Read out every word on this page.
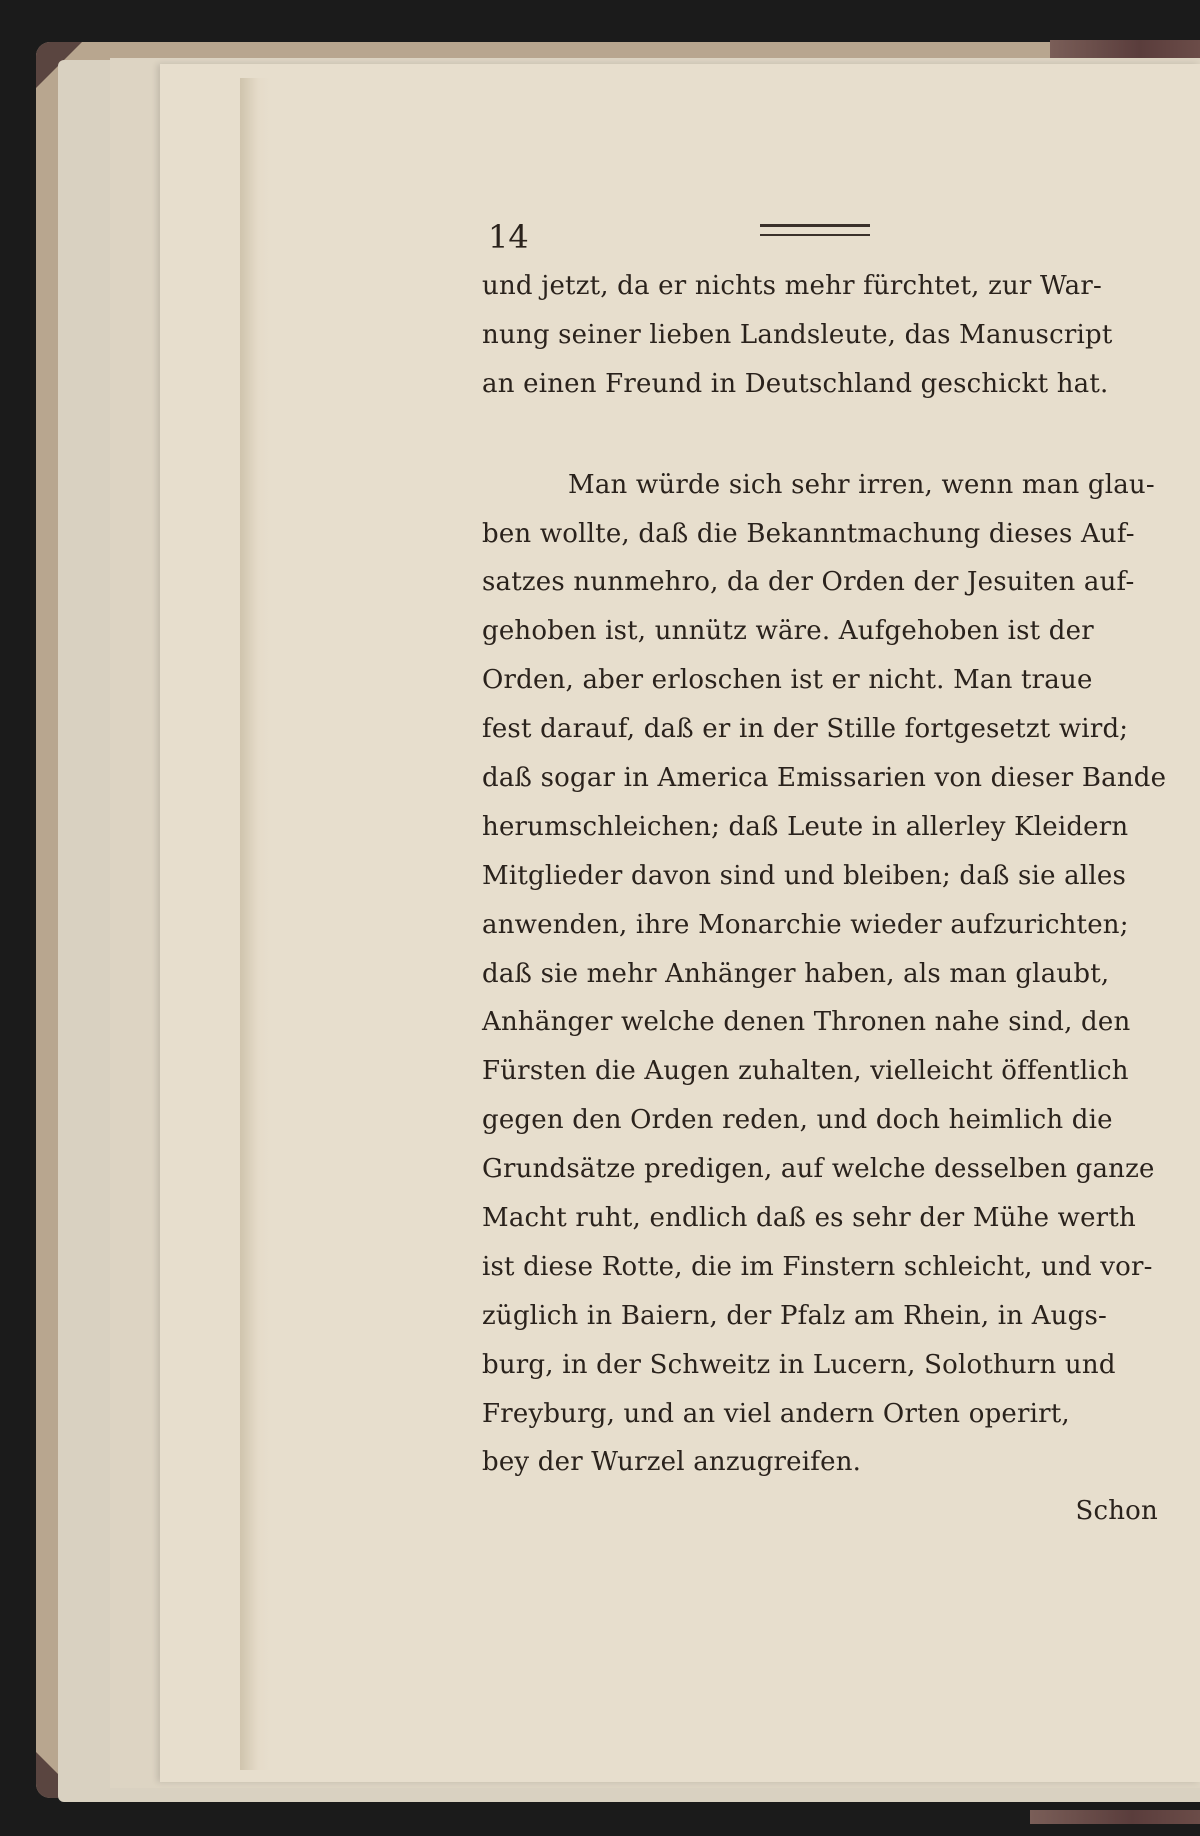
14
und jetzt, da er nichts mehr fürchtet, zur War-
nung seiner lieben Landsleute, das Manuscript
an einen Freund in Deutschland geschickt hat.
Man würde sich sehr irren, wenn man glau-
ben wollte, daß die Bekanntmachung dieses Auf-
satzes nunmehro, da der Orden der Jesuiten auf-
gehoben ist, unnütz wäre. Aufgehoben ist der
Orden, aber erloschen ist er nicht. Man traue
fest darauf, daß er in der Stille fortgesetzt wird;
daß sogar in America Emissarien von dieser Bande
herumschleichen; daß Leute in allerley Kleidern
Mitglieder davon sind und bleiben; daß sie alles
anwenden, ihre Monarchie wieder aufzurichten;
daß sie mehr Anhänger haben, als man glaubt,
Anhänger welche denen Thronen nahe sind, den
Fürsten die Augen zuhalten, vielleicht öffentlich
gegen den Orden reden, und doch heimlich die
Grundsätze predigen, auf welche desselben ganze
Macht ruht, endlich daß es sehr der Mühe werth
ist diese Rotte, die im Finstern schleicht, und vor-
züglich in Baiern, der Pfalz am Rhein, in Augs-
burg, in der Schweitz in Lucern, Solothurn und
Freyburg, und an viel andern Orten operirt,
bey der Wurzel anzugreifen.
Schon
